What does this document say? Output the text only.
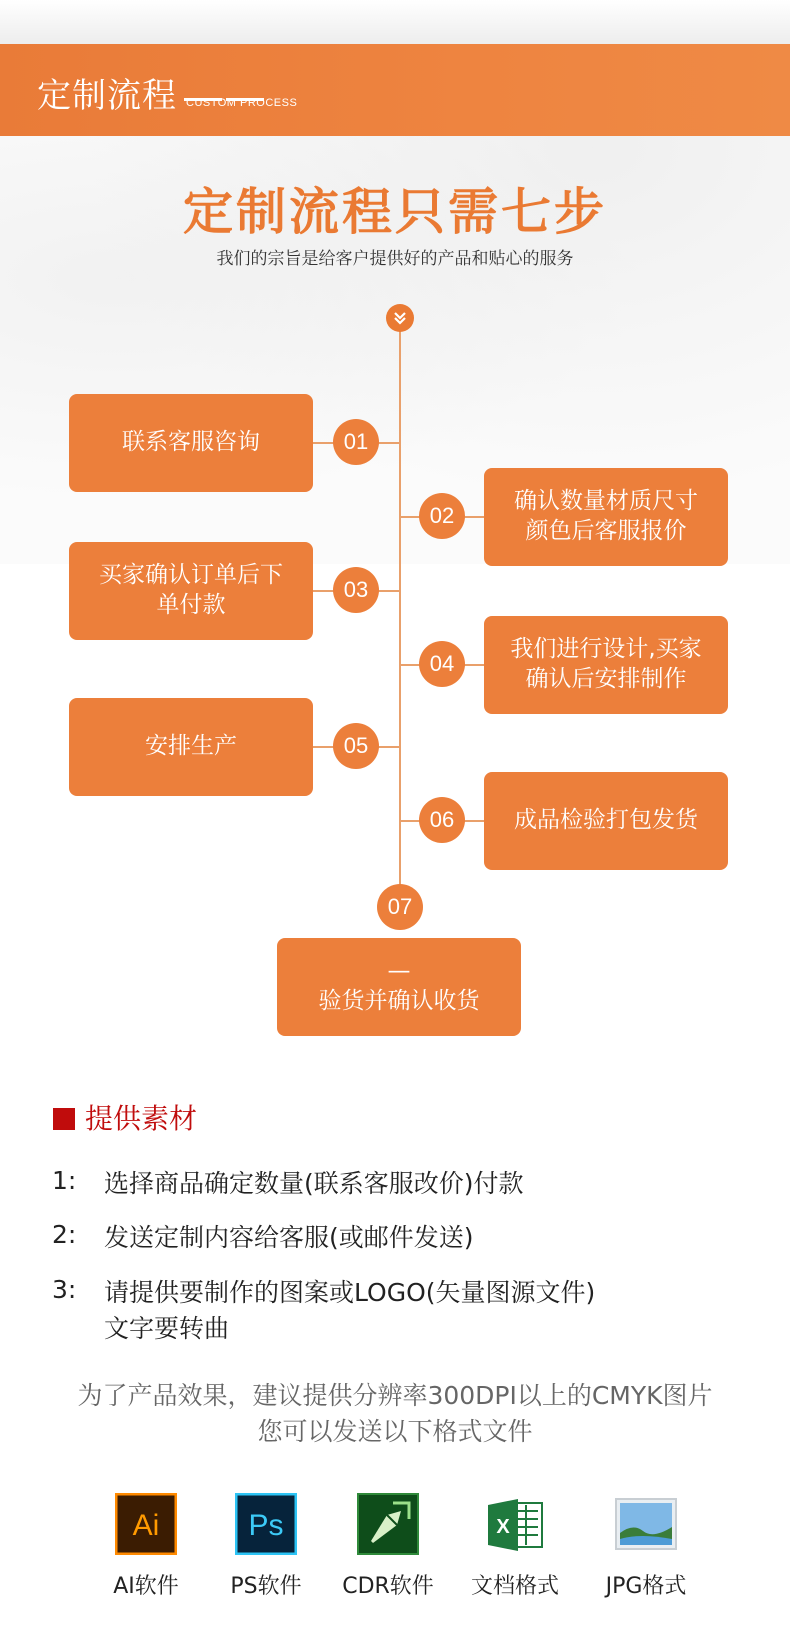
定制流程 CUSTOM PROCESS
定制流程只需七步
我们的宗旨是给客户提供好的产品和贴心的服务
联系客服咨询	01
02
确认数量材质尺寸
颜色后客服报价
买家确认订单后下
单付款
03
04
我们进行设计,买家
确认后安排制作
安排生产	05
06	成品检验打包发货
07
—
验货并确认收货
提供素材
1: 选择商品确定数量(联系客服改价)付款
2: 发送定制内容给客服(或邮件发送)
3: 请提供要制作的图案或LOGO(矢量图源文件)
文字要转曲
为了产品效果，建议提供分辨率300DPI以上的CMYK图片
您可以发送以下格式文件
Ai
AI软件
Ps
PS软件	CDR软件
X
文档格式	JPG格式
